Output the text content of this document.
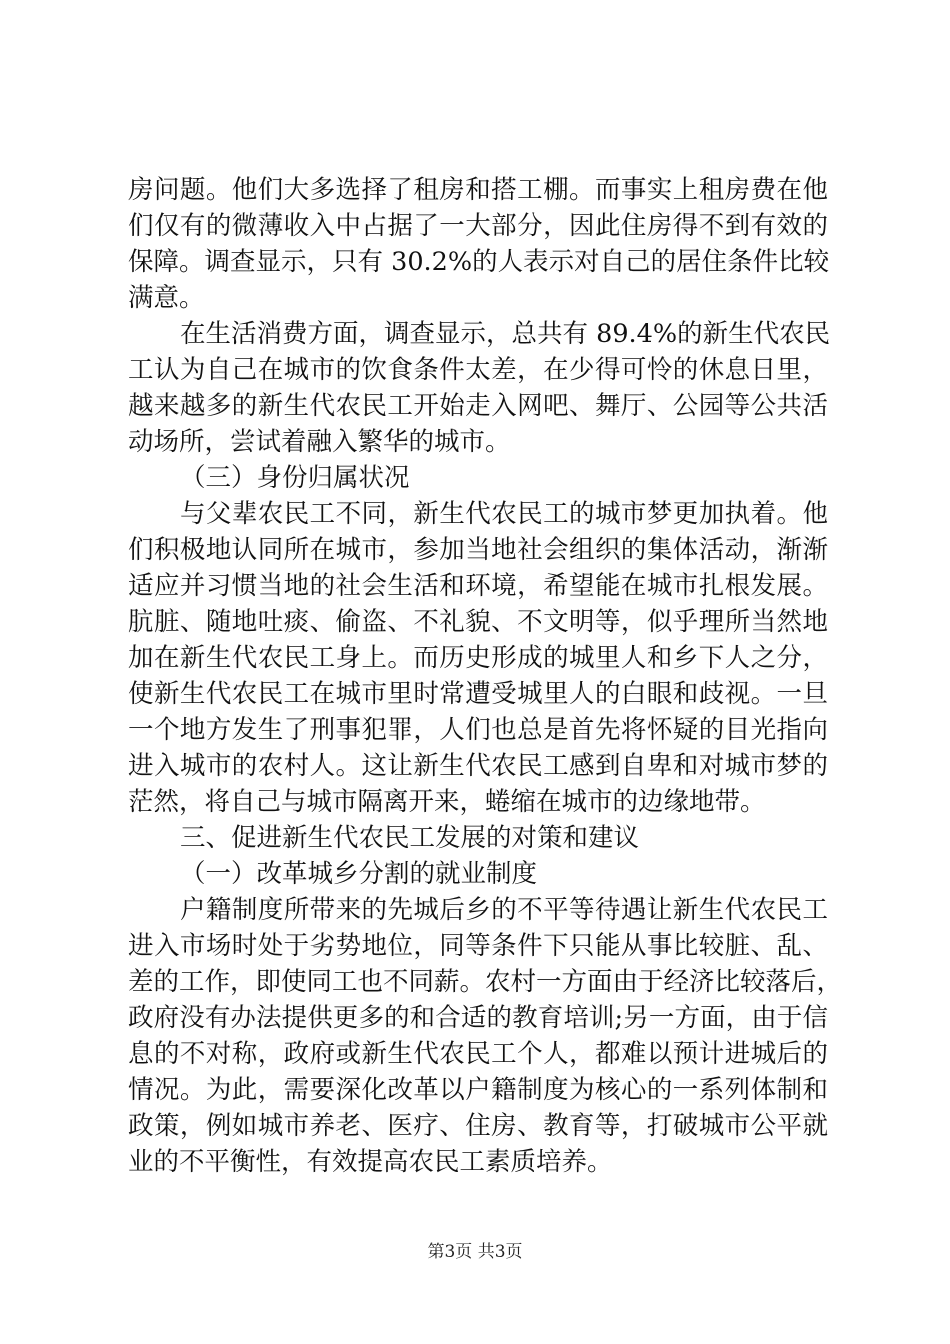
房问题。他们大多选择了租房和搭工棚。而事实上租房费在他
们仅有的微薄收入中占据了一大部分，因此住房得不到有效的
保障。调查显示，只有 30.2%的人表示对自己的居住条件比较
满意。
在生活消费方面，调查显示，总共有 89.4%的新生代农民
工认为自己在城市的饮食条件太差，在少得可怜的休息日里，
越来越多的新生代农民工开始走入网吧、舞厅、公园等公共活
动场所，尝试着融入繁华的城市。
（三）身份归属状况
与父辈农民工不同，新生代农民工的城市梦更加执着。他
们积极地认同所在城市，参加当地社会组织的集体活动，渐渐
适应并习惯当地的社会生活和环境，希望能在城市扎根发展。
肮脏、随地吐痰、偷盗、不礼貌、不文明等，似乎理所当然地
加在新生代农民工身上。而历史形成的城里人和乡下人之分，
使新生代农民工在城市里时常遭受城里人的白眼和歧视。一旦
一个地方发生了刑事犯罪，人们也总是首先将怀疑的目光指向
进入城市的农村人。这让新生代农民工感到自卑和对城市梦的
茫然，将自己与城市隔离开来，蜷缩在城市的边缘地带。
三、促进新生代农民工发展的对策和建议
（一）改革城乡分割的就业制度
户籍制度所带来的先城后乡的不平等待遇让新生代农民工
进入市场时处于劣势地位，同等条件下只能从事比较脏、乱、
差的工作，即使同工也不同薪。农村一方面由于经济比较落后，
政府没有办法提供更多的和合适的教育培训;另一方面，由于信
息的不对称，政府或新生代农民工个人，都难以预计进城后的
情况。为此，需要深化改革以户籍制度为核心的一系列体制和
政策，例如城市养老、医疗、住房、教育等，打破城市公平就
业的不平衡性，有效提高农民工素质培养。
第3页 共3页
